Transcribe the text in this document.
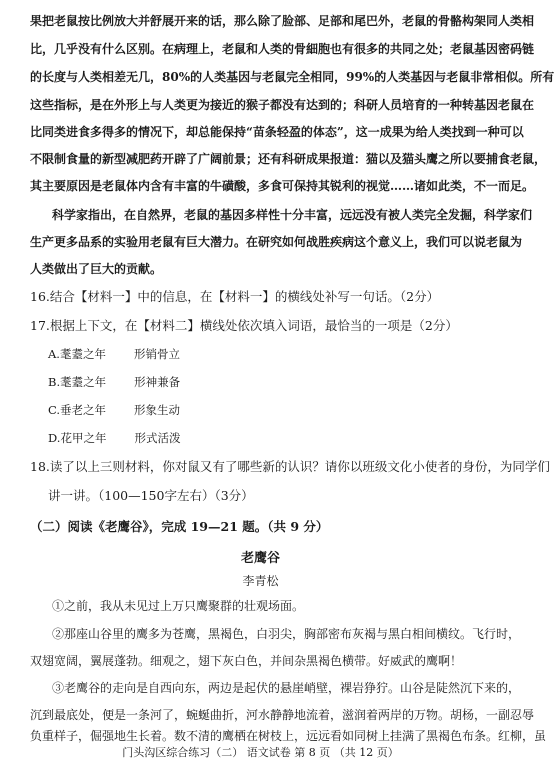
果把老鼠按比例放大并舒展开来的话，那么除了脸部、足部和尾巴外，老鼠的骨骼构架同人类相
比，几乎没有什么区别。在病理上，老鼠和人类的骨細胞也有很多的共同之处；老鼠基因密码链
的长度与人类相差无几，80%的人类基因与老鼠完全相同，99%的人类基因与老鼠非常相似。所有
这些指标，是在外形上与人类更为接近的猴子都没有达到的；科研人员培育的一种转基因老鼠在
比同类进食多得多的情况下，却总能保持“苗条轻盈的体态”，这一成果为给人类找到一种可以
不限制食量的新型减肥药开辟了广阔前景；还有科研成果报道：猫以及猫头鹰之所以要捕食老鼠，
其主要原因是老鼠体内含有丰富的牛磺酸，多食可保持其锐利的视觉……诸如此类，不一而足。
科学家指出，在自然界，老鼠的基因多样性十分丰富，远远没有被人类完全发掘，科学家们
生产更多品系的实验用老鼠有巨大潜力。在研究如何战胜疾病这个意义上，我们可以说老鼠为
人类做出了巨大的贡献。
16.结合【材料一】中的信息，在【材料一】的横线处补写一句话。（2分）
17.根据上下文，在【材料二】横线处依次填入词语，最恰当的一项是（2分）
A.耄耋之年 形销骨立
B.耄耋之年 形神兼备
C.垂老之年 形象生动
D.花甲之年 形式活泼
18.读了以上三则材料，你对鼠又有了哪些新的认识？请你以班级文化小使者的身份，为同学们
讲一讲。（100—150字左右）（3分）
（二）阅读《老鹰谷》，完成 19—21 题。（共 9 分）
老鹰谷
李青松
①之前，我从未见过上万只鹰聚群的壮观场面。
②那座山谷里的鹰多为苍鹰，黑褐色，白羽尖，胸部密布灰褐与黑白相间横纹。飞行时，
双翅宽阔，翼展蓬勃。细观之，翅下灰白色，并间杂黑褐色横带。好威武的鹰啊！
③老鹰谷的走向是自西向东，两边是起伏的悬崖峭壁，裸岩狰狞。山谷是陡然沉下来的，
沉到最底处，便是一条河了，蜿蜒曲折，河水静静地流着，滋润着两岸的万物。胡杨，一副忍辱
负重样子，倔强地生长着。数不清的鹰栖在树枝上，远远看如同树上挂满了黑褐色布条。红柳，虽
门头沟区综合练习（二） 语文试卷 第 8 页 （共 12 页）
